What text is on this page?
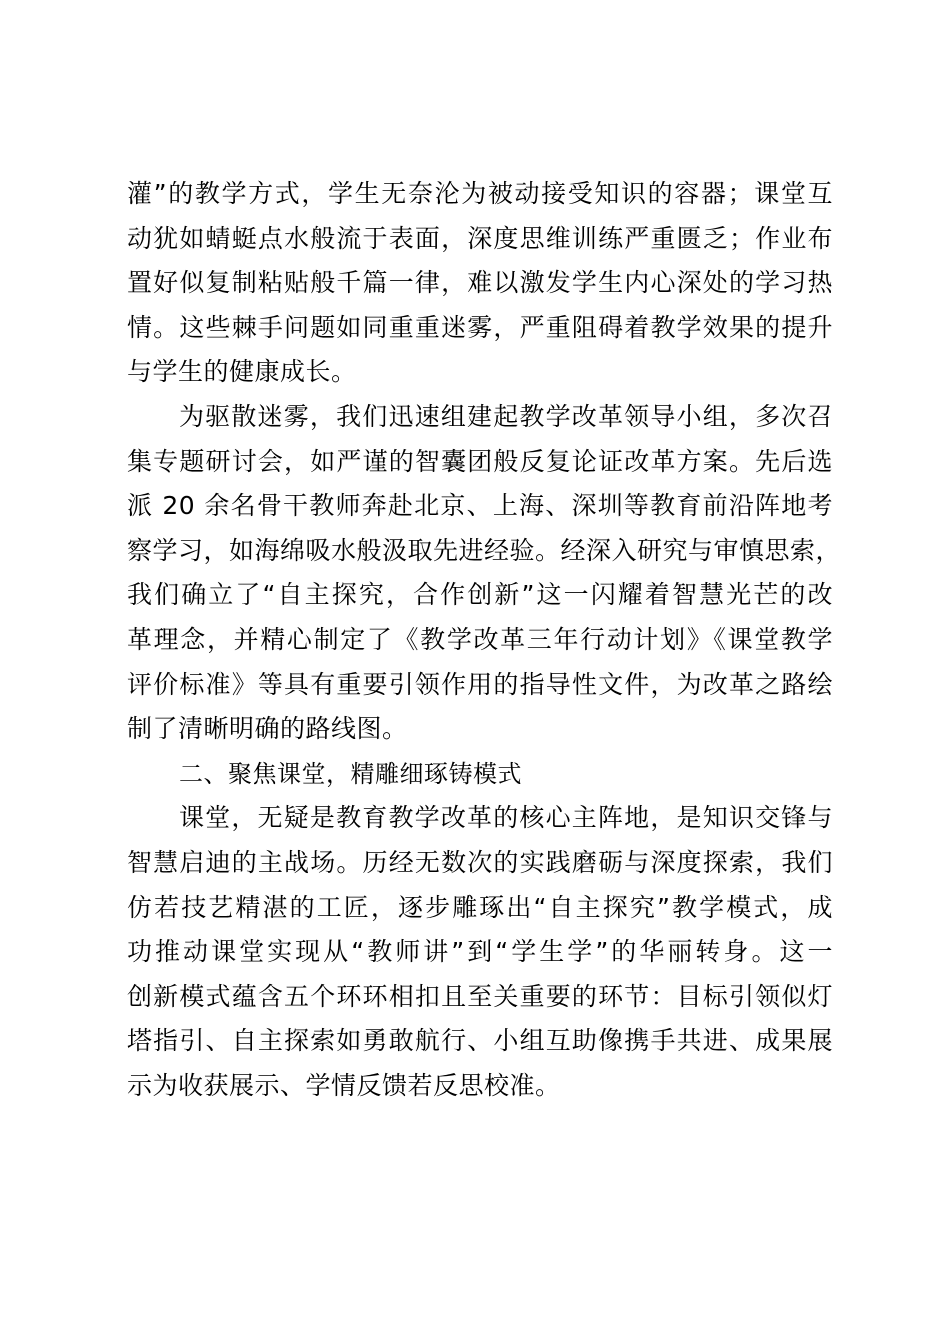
灌”的教学方式，学生无奈沦为被动接受知识的容器；课堂互
动犹如蜻蜓点水般流于表面，深度思维训练严重匮乏；作业布
置好似复制粘贴般千篇一律，难以激发学生内心深处的学习热
情。这些棘手问题如同重重迷雾，严重阻碍着教学效果的提升
与学生的健康成长。
为驱散迷雾，我们迅速组建起教学改革领导小组，多次召
集专题研讨会，如严谨的智囊团般反复论证改革方案。先后选
派 20 余名骨干教师奔赴北京、上海、深圳等教育前沿阵地考
察学习，如海绵吸水般汲取先进经验。经深入研究与审慎思索，
我们确立了“自主探究，合作创新”这一闪耀着智慧光芒的改
革理念，并精心制定了《教学改革三年行动计划》《课堂教学
评价标准》等具有重要引领作用的指导性文件，为改革之路绘
制了清晰明确的路线图。
二、聚焦课堂，精雕细琢铸模式
课堂，无疑是教育教学改革的核心主阵地，是知识交锋与
智慧启迪的主战场。历经无数次的实践磨砺与深度探索，我们
仿若技艺精湛的工匠，逐步雕琢出“自主探究”教学模式，成
功推动课堂实现从“教师讲”到“学生学”的华丽转身。这一
创新模式蕴含五个环环相扣且至关重要的环节：目标引领似灯
塔指引、自主探索如勇敢航行、小组互助像携手共进、成果展
示为收获展示、学情反馈若反思校准。
